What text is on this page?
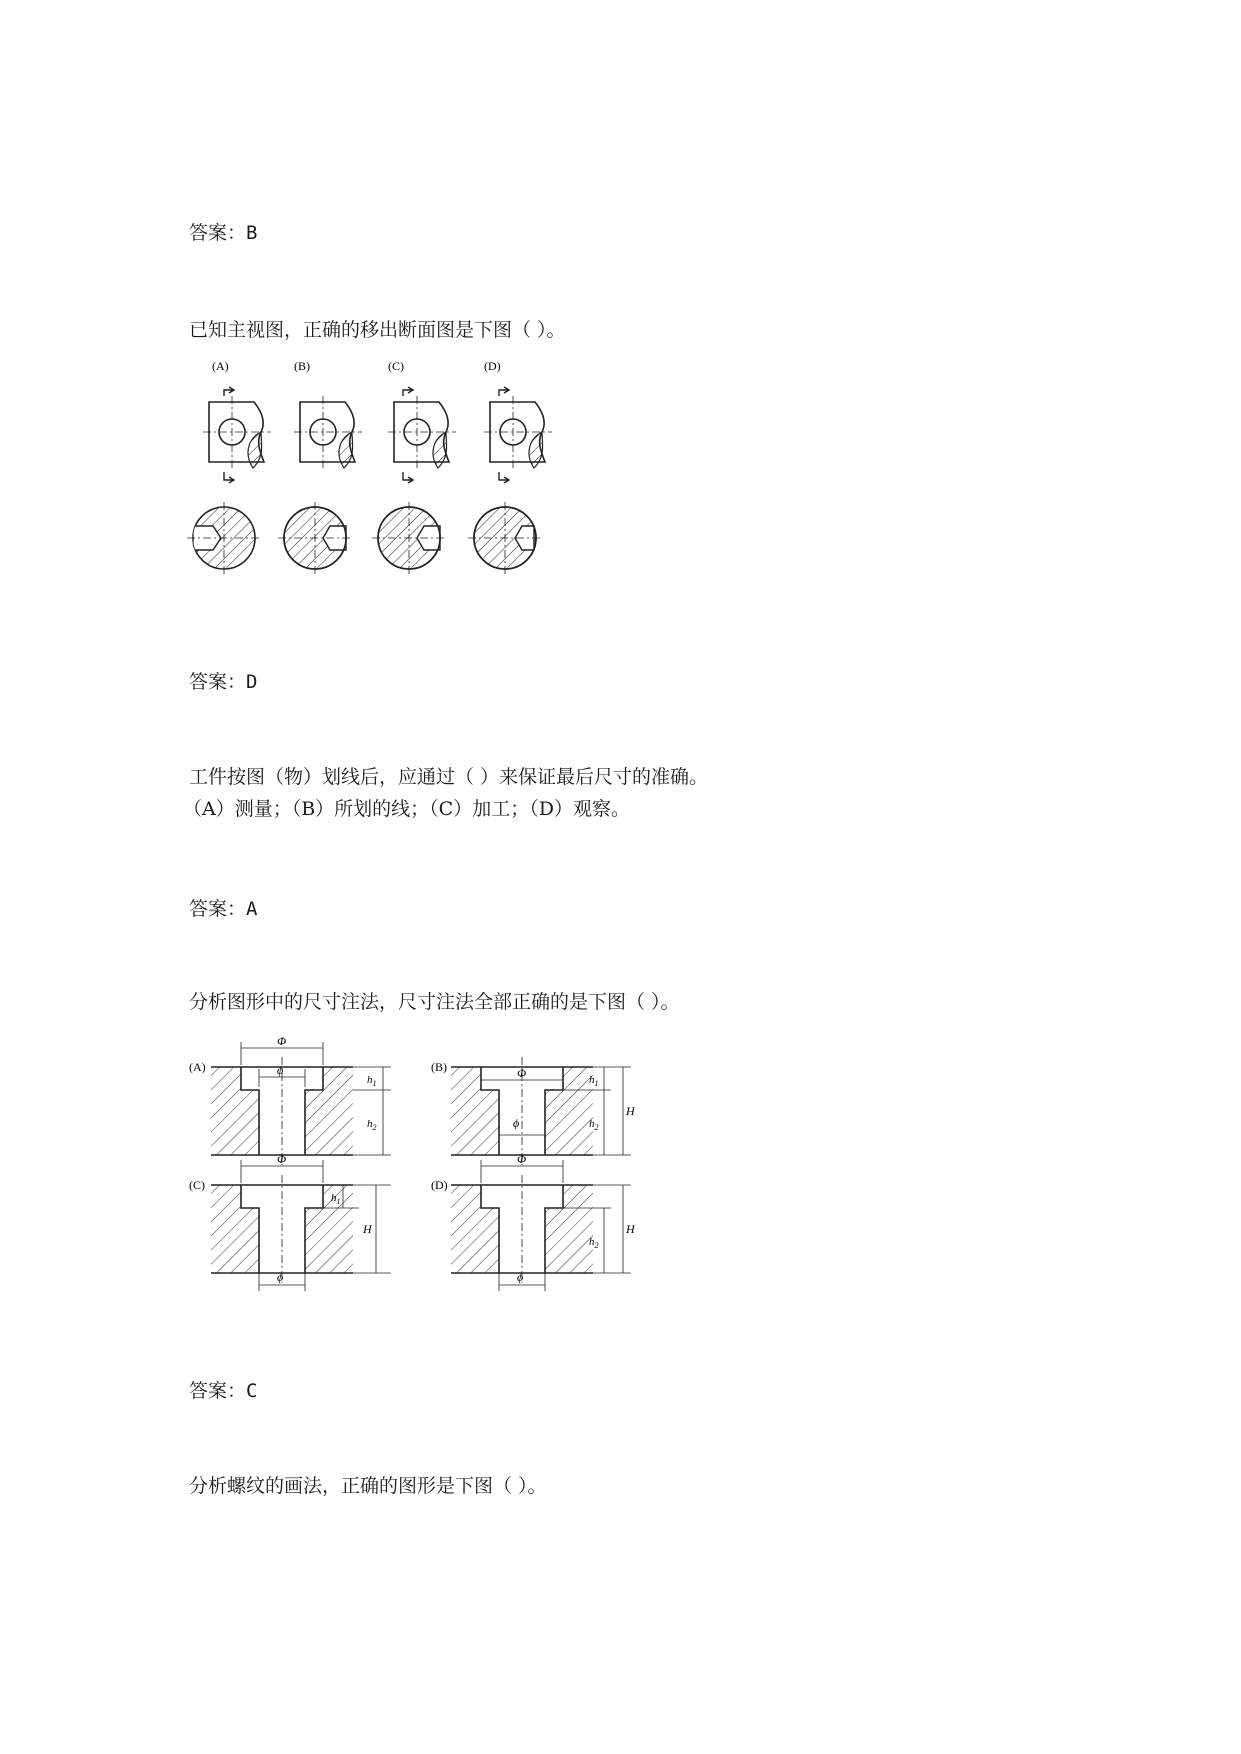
答案：B
已知主视图，正确的移出断面图是下图（ ）。
(A)	(B)	(C)	(D)
答案：D
工件按图（物）划线后，应通过（ ）来保证最后尺寸的准确。
（A）测量；（B）所划的线；（C）加工；（D）观察。
答案：A
分析图形中的尺寸注法，尺寸注法全部正确的是下图（ ）。
Φ
ϕ
$h_1$
$h_2$
(A)	Φ
ϕ
$h_1$
$h_2$
H
(B)
Φ
ϕ
$h_1$
H
(C)
Φ
ϕ
$h_2$
H
(D)
答案：C
分析螺纹的画法，正确的图形是下图（ ）。
